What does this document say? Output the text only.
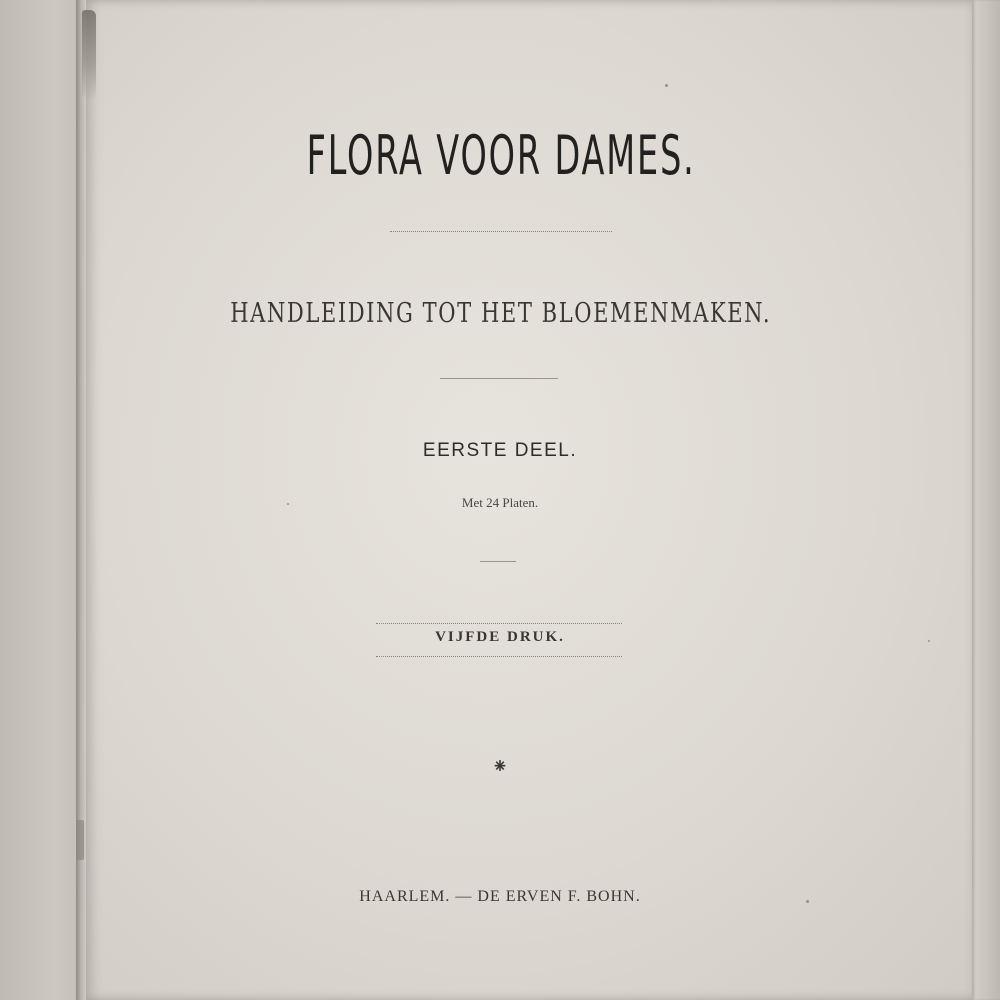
FLORA VOOR DAMES.
HANDLEIDING TOT HET BLOEMENMAKEN.
EERSTE DEEL.
Met 24 Platen.
VIJFDE DRUK.
⁕
HAARLEM. — DE ERVEN F. BOHN.
